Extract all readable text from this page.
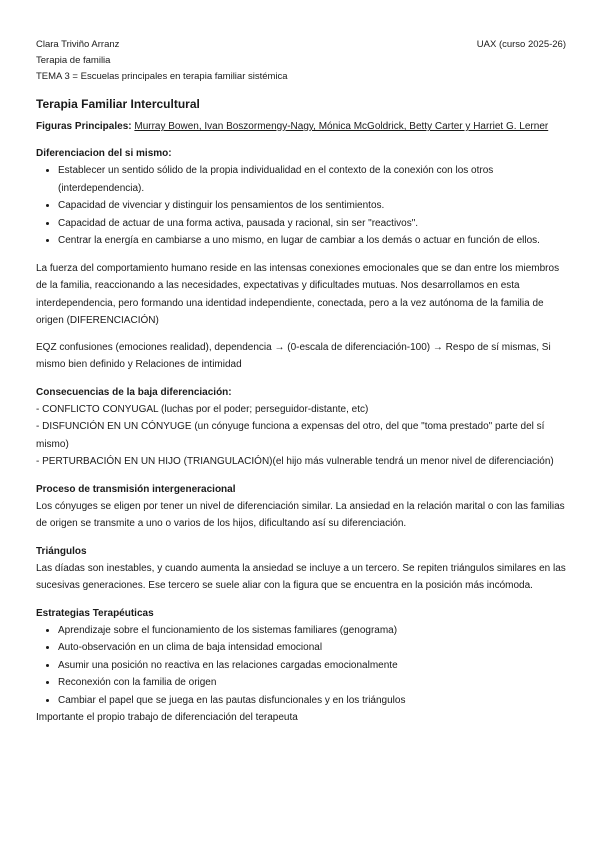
Clara Triviño Arranz
Terapia de familia
TEMA 3 = Escuelas principales en terapia familiar sistémica
UAX (curso 2025-26)
Terapia Familiar Intercultural
Figuras Principales: Murray Bowen, Ivan Boszormengy-Nagy, Mónica McGoldrick, Betty Carter y Harriet G. Lerner
Diferenciacion del si mismo:
• Establecer un sentido sólido de la propia individualidad en el contexto de la conexión con los otros (interdependencia).
• Capacidad de vivenciar y distinguir los pensamientos de los sentimientos.
• Capacidad de actuar de una forma activa, pausada y racional, sin ser "reactivos".
• Centrar la energía en cambiarse a uno mismo, en lugar de cambiar a los demás o actuar en función de ellos.

La fuerza del comportamiento humano reside en las intensas conexiones emocionales que se dan entre los miembros de la familia, reaccionando a las necesidades, expectativas y dificultades mutuas. Nos desarrollamos en esta interdependencia, pero formando una identidad independiente, conectada, pero a la vez autónoma de la familia de origen (DIFERENCIACIÓN)

EQZ confusiones (emociones realidad), dependencia → (0-escala de diferenciación-100) → Respo de sí mismas, Si mismo bien definido y Relaciones de intimidad

Consecuencias de la baja diferenciación:

- CONFLICTO CONYUGAL (luchas por el poder; perseguidor-distante, etc)

- DISFUNCIÓN EN UN CÓNYUGE (un cónyuge funciona a expensas del otro, del que "toma prestado" parte del sí mismo)

- PERTURBACIÓN EN UN HIJO (TRIANGULACIÓN)(el hijo más vulnerable tendrá un menor nivel de diferenciación)

Proceso de transmisión intergeneracional

Los cónyuges se eligen por tener un nivel de diferenciación similar. La ansiedad en la relación marital o con las familias de origen se transmite a uno o varios de los hijos, dificultando así su diferenciación.

Triángulos

Las díadas son inestables, y cuando aumenta la ansiedad se incluye a un tercero. Se repiten triángulos similares en las sucesivas generaciones. Ese tercero se suele aliar con la figura que se encuentra en la posición más incómoda.

Estrategias Terapéuticas
• Aprendizaje sobre el funcionamiento de los sistemas familiares (genograma)
• Auto-observación en un clima de baja intensidad emocional
• Asumir una posición no reactiva en las relaciones cargadas emocionalmente
• Reconexión con la familia de origen
• Cambiar el papel que se juega en las pautas disfuncionales y en los triángulos

Importante el propio trabajo de diferenciación del terapeuta
